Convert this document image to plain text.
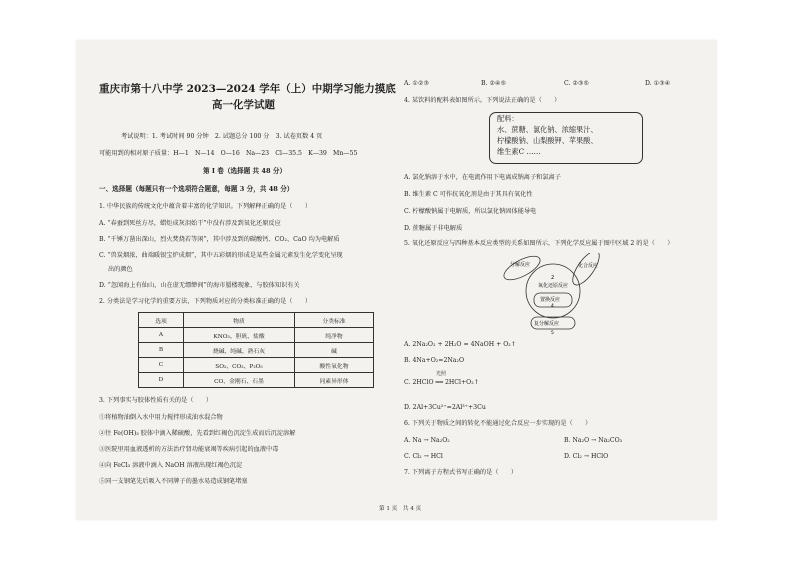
重庆市第十八中学 2023—2024 学年（上）中期学习能力摸底
高一化学试题
考试说明：1. 考试时间 90 分钟　2. 试题总分 100 分　3. 试卷页数 4 页
可能用到的相对原子质量：H—1　N—14　O—16　Na—23　Cl—35.5　K—39　Mn—55
第 I 卷（选择题 共 48 分）
一、选择题（每题只有一个选项符合题意，每题 3 分，共 48 分）
1. 中华民族的传统文化中蕴含着丰富的化学知识。下列解释正确的是（　　）
A. “春蚕到死丝方尽，蜡炬成灰泪始干”中没有涉及到氧化还原反应
B. “千锤万凿出深山，烈火焚烧若等闲”，其中涉及到的碳酸钙、CO₂、CaO 均为电解质
C. “兽炭烟浓，曲端暖银宝炉成烟”，其中五彩烟的形成是某些金属元素发生化学变化呈现
出的颜色
D. “忽闻海上有仙山，山在虚无缥缈间”的海市蜃楼现象，与胶体知识有关
2. 分类法是学习化学的重要方法，下列物质对应的分类标准正确的是（　　）
选项	物质	分类标准
A	KNO₃、胆矾、盐酸	纯净物
B	烧碱、纯碱、熟石灰	碱
C	SO₂、CO₂、P₂O₅	酸性氧化物
D	CO、金刚石、石墨	同素异形体
3. 下列事实与胶体性质有关的是（　　）
①将植物油倒入水中用力搅拌形成油水混合物
②往 Fe(OH)₃ 胶体中滴入稀硫酸，先看到红褐色沉淀生成而后沉淀溶解
③医院里用血液透析的方法治疗肾功能衰竭等疾病引起的血液中毒
④向 FeCl₃ 溶液中滴入 NaOH 溶液出现红褐色沉淀
⑤同一支钢笔先后吸入不同牌子的墨水易造成钢笔堵塞
A. ①②③	B. ②④⑤	C. ②③⑤	D. ①③④
4. 某饮料的配料表如图所示。下列说法正确的是（　　）
配料：
水、蔗糖、氯化钠、浓缩果汁、
柠檬酸钠、山梨酸钾、苹果酸、
维生素C ……
A. 氯化钠溶于水中，在电流作用下电离成钠离子和氯离子
B. 维生素 C 可作抗氧化剂是由于其具有氧化性
C. 柠檬酸钠属于电解质，所以氯化钠固体能导电
D. 蔗糖属于非电解质
5. 氧化还原反应与四种基本反应类型的关系如图所示，下列化学反应属于图中区域 2 的是（　　）
分解反应	化合反应
2
氧化还原反应
置换反应
4
复分解反应
5
A. 2Na₂O₂ + 2H₂O = 4NaOH + O₂↑
B. 4Na+O₂=2Na₂O
光照
C. 2HClO ══ 2HCl+O₂↑
D. 2Al+3Cu²⁺=2Al³⁺+3Cu
6. 下列关于物质之间的转化不能通过化合反应一步实现的是（　　）
A. Na → Na₂O₂	B. Na₂O → Na₂CO₃
C. Cl₂ → HCl	D. Cl₂ → HClO
7. 下列离子方程式书写正确的是（　　）
第 1 页　共 4 页
